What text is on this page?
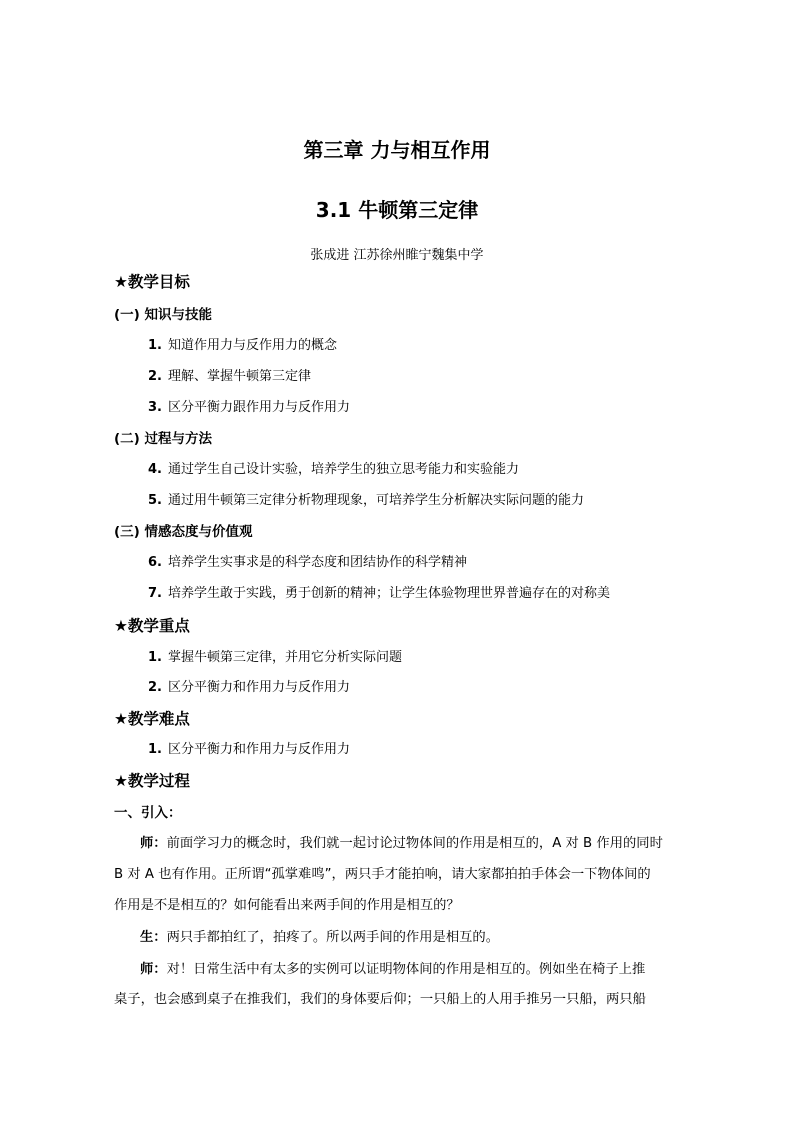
第三章 力与相互作用
3.1 牛顿第三定律
张成进 江苏徐州睢宁魏集中学
★教学目标
(一) 知识与技能
1. 知道作用力与反作用力的概念
2. 理解、掌握牛顿第三定律
3. 区分平衡力跟作用力与反作用力
(二) 过程与方法
4. 通过学生自己设计实验，培养学生的独立思考能力和实验能力
5. 通过用牛顿第三定律分析物理现象，可培养学生分析解决实际问题的能力
(三) 情感态度与价值观
6. 培养学生实事求是的科学态度和团结协作的科学精神
7. 培养学生敢于实践，勇于创新的精神；让学生体验物理世界普遍存在的对称美
★教学重点
1. 掌握牛顿第三定律，并用它分析实际问题
2. 区分平衡力和作用力与反作用力
★教学难点
1. 区分平衡力和作用力与反作用力
★教学过程
一、引入：
师：前面学习力的概念时，我们就一起讨论过物体间的作用是相互的，A 对 B 作用的同时
B 对 A 也有作用。正所谓“孤掌难鸣”，两只手才能拍响，请大家都拍拍手体会一下物体间的
作用是不是相互的？如何能看出来两手间的作用是相互的？
生：两只手都拍红了，拍疼了。所以两手间的作用是相互的。
师：对！日常生活中有太多的实例可以证明物体间的作用是相互的。例如坐在椅子上推
桌子，也会感到桌子在推我们，我们的身体要后仰；一只船上的人用手推另一只船，两只船
